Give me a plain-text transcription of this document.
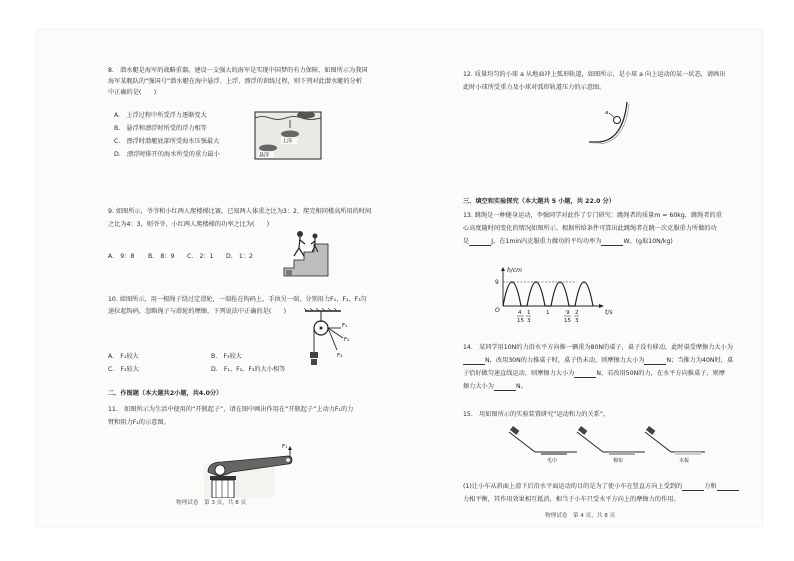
8.　潜水艇是海军的战略重器。建设一支强大的海军是实现中国梦的有力保障，如图所示为我国
海军某舰队的“强国号”潜水艇在海中悬浮、上浮、漂浮的训练过程，则下列对此潜水艇的分析
中正确的是(　　)
A.　上浮过程中所受浮力逐渐变大
B.　悬浮和漂浮时所受的浮力相等
C.　漂浮时潜艇底部所受海水压强最大
D.　漂浮时排开的海水所受的重力最小
上浮
悬浮
9. 如图所示，爷爷和小红两人爬楼梯比赛，已知两人体重之比为3：2，爬完相同楼高所用的时间
之比为4：3，则爷爷、小红两人爬楼梯的功率之比为(　　)
A.　9：8 B.　8：9 C.　2：1 D.　1：2
10. 如图所示，用一根绳子绕过定滑轮，一端拴在钩码上，手执另一端，分别用力F₁、F₂、F₃匀
速拉起钩码，忽略绳子与滑轮的摩擦，下列说法中正确的是(　　)
A.　F₁较大	B.　F₃较大
C.　F₂较大	D.　F₁、F₂、F₃的大小相等
F₁
F₂
F₃
二、作图题（本大题共2小题，共4.0分）
11.　如图所示为生活中使用的“开瓶起子”，请在图中画出作用在“开瓶起子”上动力F₁的力
臂和阻力F₂的示意图。
F₁
物理试卷　第 3 页，共 8 页
12. 质量均匀的小球 a 从地面冲上弧形轨道，如图所示，是小球 a 向上运动的某一状态，请画出
此时小球所受重力及小球对弧形轨道压力的示意图。
a
三、填空和实验探究（本大题共 5 小题，共 22.0 分）
13. 跳绳是一种健身运动，李强同学对此作了专门研究：跳绳者的质量m = 60kg，跳绳者的重
心高度随时间变化的情况如图所示。根据所给条件可算出此跳绳者在跳一次克服重力所做的功
是	J，在1min内克服重力做功的平均功率为	W。(g取10N/kg)
h/cm
t/s
9
O	4
15
1
3
1	9
15
2
3
14.　某同学用10N的力沿水平方向推一辆重为80N的桌子，桌子没有移动，此时桌受摩擦力大小为
N，改用30N的力推桌子时，桌子仍未动，则摩擦力大小为	N；当推力为40N时，桌
子恰好做匀速直线运动，则摩擦力大小为	N，若改用50N的力，在水平方向推桌子，则摩
擦力大小为	N。
15.　用如图所示的实验装置研究“运动和力的关系”。
毛巾	棉布	木板
(1)让小车从斜面上滑下后沿水平面运动的目的是为了使小车在竖直方向上受到的	力和
力相平衡，其作用效果相互抵消，相当于小车只受水平方向上的摩擦力的作用。
物理试卷　第 4 页，共 8 页
